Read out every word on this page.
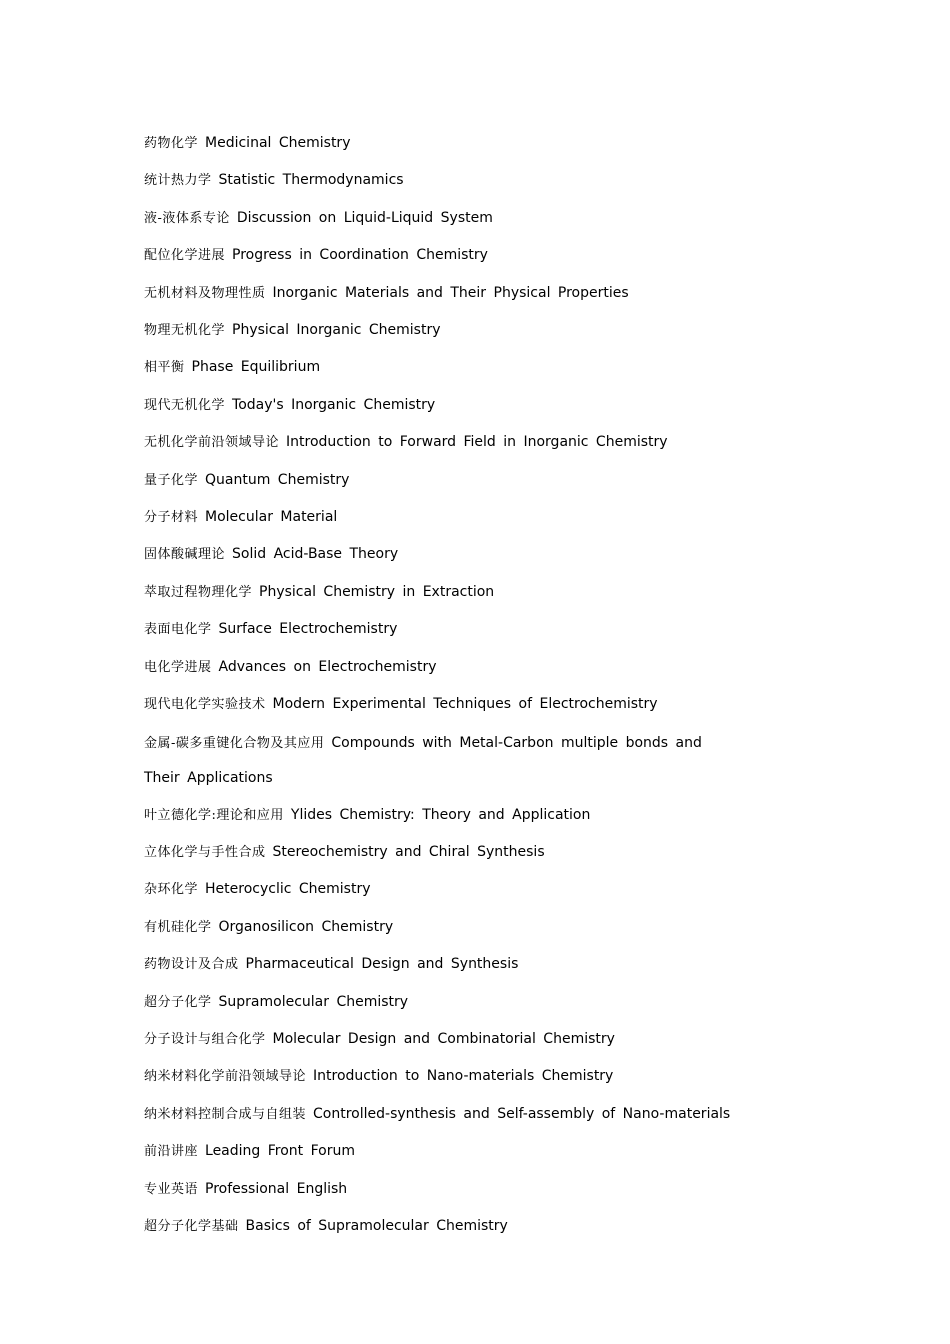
药物化学 Medicinal Chemistry
统计热力学 Statistic Thermodynamics
液-液体系专论 Discussion on Liquid-Liquid System
配位化学进展 Progress in Coordination Chemistry
无机材料及物理性质 Inorganic Materials and Their Physical Properties
物理无机化学 Physical Inorganic Chemistry
相平衡 Phase Equilibrium
现代无机化学 Today's Inorganic Chemistry
无机化学前沿领域导论 Introduction to Forward Field in Inorganic Chemistry
量子化学 Quantum Chemistry
分子材料 Molecular Material
固体酸碱理论 Solid Acid-Base Theory
萃取过程物理化学 Physical Chemistry in Extraction
表面电化学 Surface Electrochemistry
电化学进展 Advances on Electrochemistry
现代电化学实验技术 Modern Experimental Techniques of Electrochemistry
金属-碳多重键化合物及其应用 Compounds with Metal-Carbon multiple bonds and Their Applications
叶立德化学:理论和应用 Ylides Chemistry: Theory and Application
立体化学与手性合成 Stereochemistry and Chiral Synthesis
杂环化学 Heterocyclic Chemistry
有机硅化学 Organosilicon Chemistry
药物设计及合成 Pharmaceutical Design and Synthesis
超分子化学 Supramolecular Chemistry
分子设计与组合化学 Molecular Design and Combinatorial Chemistry
纳米材料化学前沿领域导论 Introduction to Nano-materials Chemistry
纳米材料控制合成与自组装 Controlled-synthesis and Self-assembly of Nano-materials
前沿讲座 Leading Front Forum
专业英语 Professional English
超分子化学基础 Basics of Supramolecular Chemistry
